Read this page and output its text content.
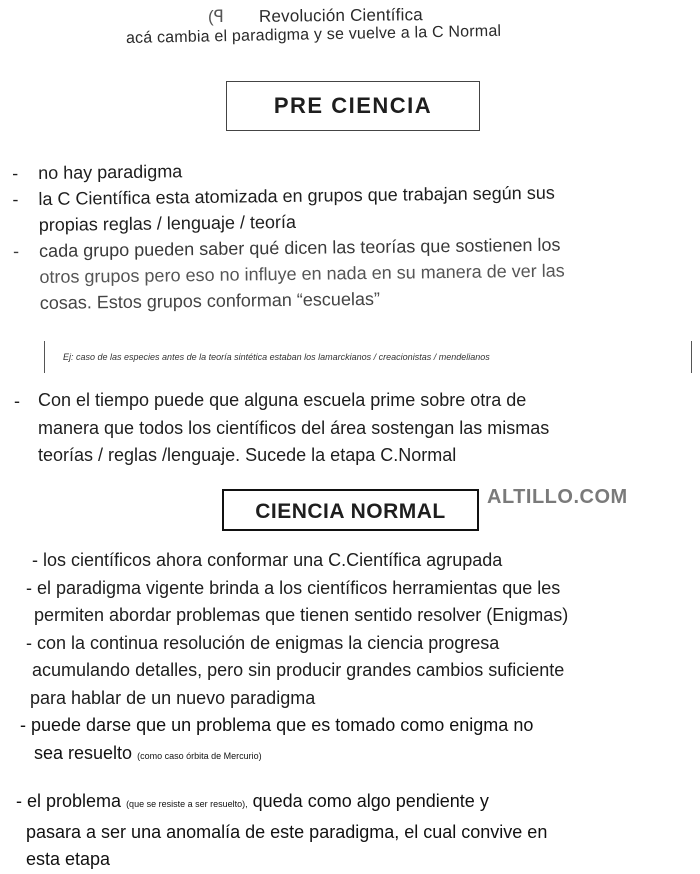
(ꟼ Revolución Científica
acá cambia el paradigma y se vuelve a la C Normal
PRE CIENCIA
- no hay paradigma
- la C Científica esta atomizada en grupos que trabajan según sus
propias reglas / lenguaje / teoría
- cada grupo pueden saber qué dicen las teorías que sostienen los
otros grupos pero eso no influye en nada en su manera de ver las
cosas. Estos grupos conforman “escuelas”
Ej: caso de las especies antes de la teoría sintética estaban los lamarckianos / creacionistas / mendelianos
- Con el tiempo puede que alguna escuela prime sobre otra de
manera que todos los científicos del área sostengan las mismas
teorías / reglas /lenguaje. Sucede la etapa C.Normal
CIENCIA NORMAL
ALTILLO.COM
- los científicos ahora conformar una C.Científica agrupada
- el paradigma vigente brinda a los científicos herramientas que les
permiten abordar problemas que tienen sentido resolver (Enigmas)
- con la continua resolución de enigmas la ciencia progresa
acumulando detalles, pero sin producir grandes cambios suficiente
para hablar de un nuevo paradigma
- puede darse que un problema que es tomado como enigma no
sea resuelto (como caso órbita de Mercurio)
- el problema (que se resiste a ser resuelto), queda como algo pendiente y
pasara a ser una anomalía de este paradigma, el cual convive en
esta etapa
